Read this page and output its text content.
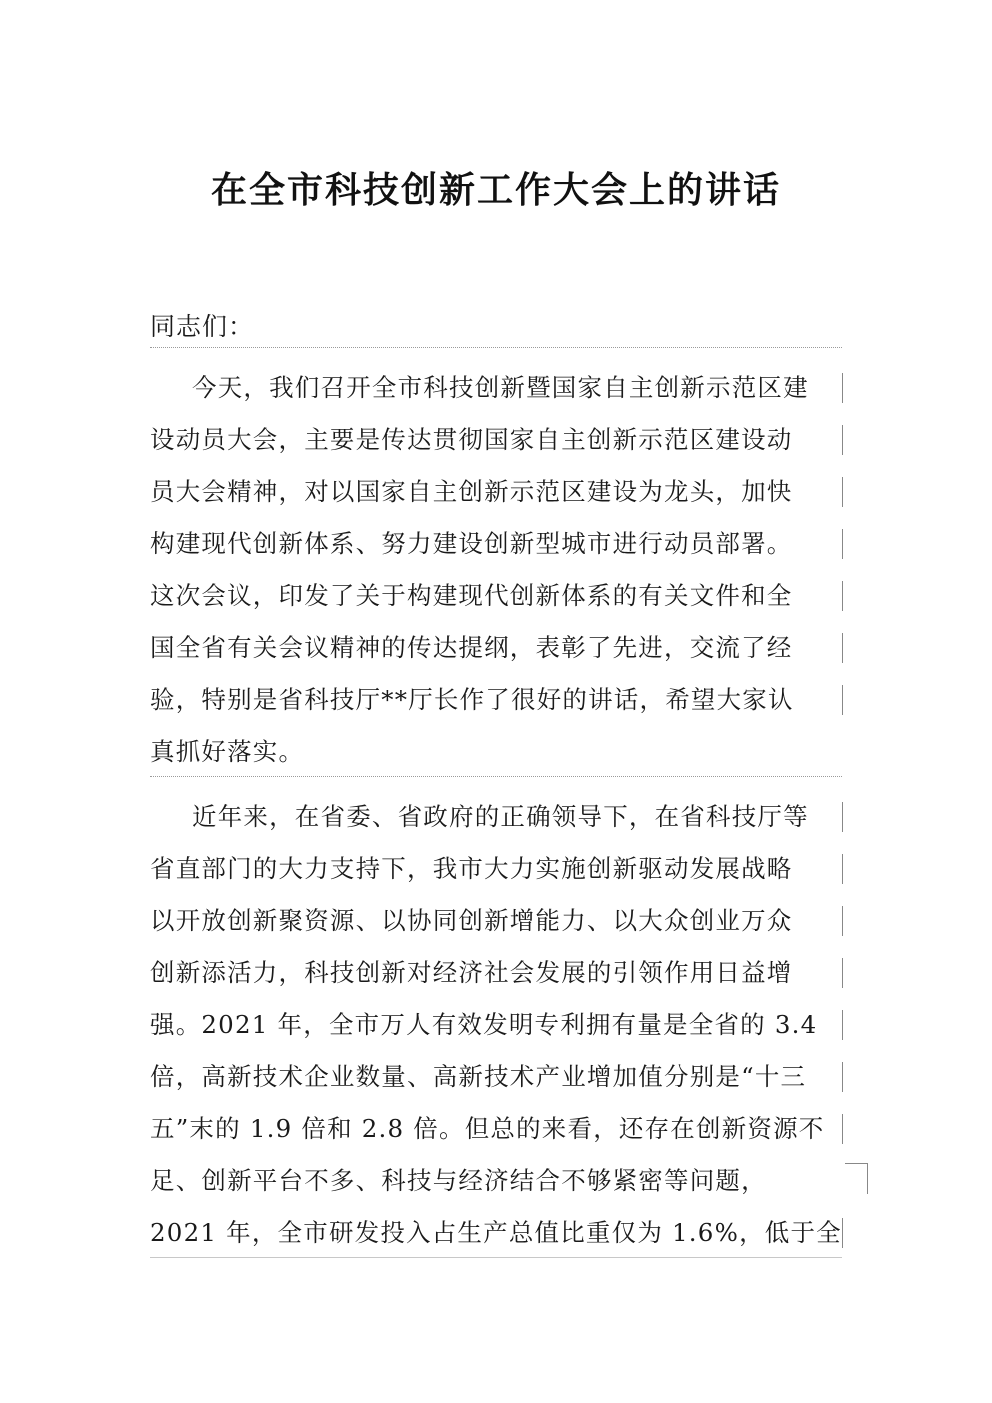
在全市科技创新工作大会上的讲话

同志们：

今天，我们召开全市科技创新暨国家自主创新示范区建
设动员大会，主要是传达贯彻国家自主创新示范区建设动
员大会精神，对以国家自主创新示范区建设为龙头，加快
构建现代创新体系、努力建设创新型城市进行动员部署。
这次会议，印发了关于构建现代创新体系的有关文件和全
国全省有关会议精神的传达提纲，表彰了先进，交流了经
验，特别是省科技厅**厅长作了很好的讲话，希望大家认
真抓好落实。
近年来，在省委、省政府的正确领导下，在省科技厅等
省直部门的大力支持下，我市大力实施创新驱动发展战略
以开放创新聚资源、以协同创新增能力、以大众创业万众
创新添活力，科技创新对经济社会发展的引领作用日益增
强。2021 年，全市万人有效发明专利拥有量是全省的 3.4
倍，高新技术企业数量、高新技术产业增加值分别是“十三
五”末的 1.9 倍和 2.8 倍。但总的来看，还存在创新资源不
足、创新平台不多、科技与经济结合不够紧密等问题，
2021 年，全市研发投入占生产总值比重仅为 1.6%，低于全
